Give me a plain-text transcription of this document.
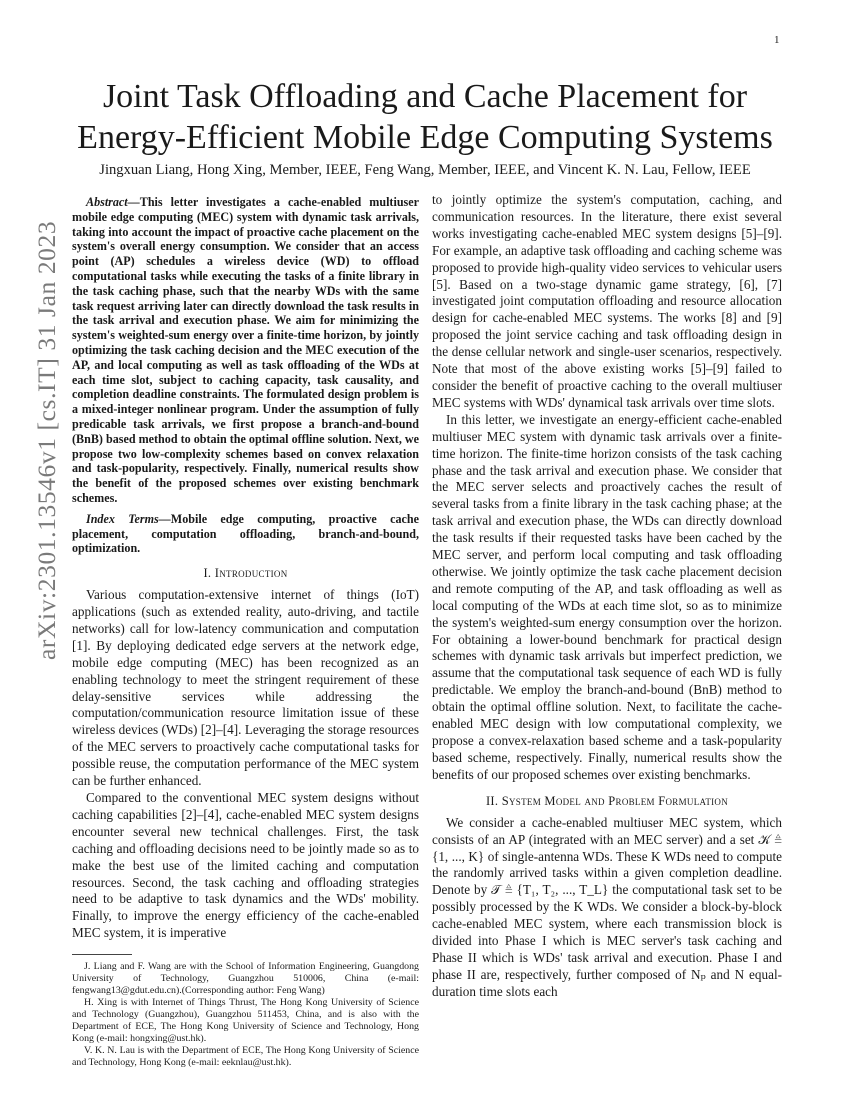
1
arXiv:2301.13546v1 [cs.IT] 31 Jan 2023
Joint Task Offloading and Cache Placement for Energy-Efficient Mobile Edge Computing Systems
Jingxuan Liang, Hong Xing, Member, IEEE, Feng Wang, Member, IEEE, and Vincent K. N. Lau, Fellow, IEEE

Abstract—This letter investigates a cache-enabled multiuser mobile edge computing (MEC) system with dynamic task arrivals, taking into account the impact of proactive cache placement on the system's overall energy consumption. We consider that an access point (AP) schedules a wireless device (WD) to offload computational tasks while executing the tasks of a finite library in the task caching phase, such that the nearby WDs with the same task request arriving later can directly download the task results in the task arrival and execution phase. We aim for minimizing the system's weighted-sum energy over a finite-time horizon, by jointly optimizing the task caching decision and the MEC execution of the AP, and local computing as well as task offloading of the WDs at each time slot, subject to caching capacity, task causality, and completion deadline constraints. The formulated design problem is a mixed-integer nonlinear program. Under the assumption of fully predicable task arrivals, we first propose a branch-and-bound (BnB) based method to obtain the optimal offline solution. Next, we propose two low-complexity schemes based on convex relaxation and task-popularity, respectively. Finally, numerical results show the benefit of the proposed schemes over existing benchmark schemes.

Index Terms—Mobile edge computing, proactive cache placement, computation offloading, branch-and-bound, optimization.

I. Introduction

Various computation-extensive internet of things (IoT) applications (such as extended reality, auto-driving, and tactile networks) call for low-latency communication and computation [1]. By deploying dedicated edge servers at the network edge, mobile edge computing (MEC) has been recognized as an enabling technology to meet the stringent requirement of these delay-sensitive services while addressing the computation/communication resource limitation issue of these wireless devices (WDs) [2]–[4]. Leveraging the storage resources of the MEC servers to proactively cache computational tasks for possible reuse, the computation performance of the MEC system can be further enhanced.

Compared to the conventional MEC system designs without caching capabilities [2]–[4], cache-enabled MEC system designs encounter several new technical challenges. First, the task caching and offloading decisions need to be jointly made so as to make the best use of the limited caching and computation resources. Second, the task caching and offloading strategies need to be adaptive to task dynamics and the WDs' mobility. Finally, to improve the energy efficiency of the cache-enabled MEC system, it is imperative

J. Liang and F. Wang are with the School of Information Engineering, Guangdong University of Technology, Guangzhou 510006, China (e-mail: fengwang13@gdut.edu.cn).(Corresponding author: Feng Wang)

H. Xing is with Internet of Things Thrust, The Hong Kong University of Science and Technology (Guangzhou), Guangzhou 511453, China, and is also with the Department of ECE, The Hong Kong University of Science and Technology, Hong Kong (e-mail: hongxing@ust.hk).

V. K. N. Lau is with the Department of ECE, The Hong Kong University of Science and Technology, Hong Kong (e-mail: eeknlau@ust.hk).

to jointly optimize the system's computation, caching, and communication resources. In the literature, there exist several works investigating cache-enabled MEC system designs [5]–[9]. For example, an adaptive task offloading and caching scheme was proposed to provide high-quality video services to vehicular users [5]. Based on a two-stage dynamic game strategy, [6], [7] investigated joint computation offloading and resource allocation design for cache-enabled MEC systems. The works [8] and [9] proposed the joint service caching and task offloading design in the dense cellular network and single-user scenarios, respectively. Note that most of the above existing works [5]–[9] failed to consider the benefit of proactive caching to the overall multiuser MEC systems with WDs' dynamical task arrivals over time slots.

In this letter, we investigate an energy-efficient cache-enabled multiuser MEC system with dynamic task arrivals over a finite-time horizon. The finite-time horizon consists of the task caching phase and the task arrival and execution phase. We consider that the MEC server selects and proactively caches the result of several tasks from a finite library in the task caching phase; at the task arrival and execution phase, the WDs can directly download the task results if their requested tasks have been cached by the MEC server, and perform local computing and task offloading otherwise. We jointly optimize the task cache placement decision and remote computing of the AP, and task offloading as well as local computing of the WDs at each time slot, so as to minimize the system's weighted-sum energy consumption over the horizon. For obtaining a lower-bound benchmark for practical design schemes with dynamic task arrivals but imperfect prediction, we assume that the computational task sequence of each WD is fully predictable. We employ the branch-and-bound (BnB) method to obtain the optimal offline solution. Next, to facilitate the cache-enabled MEC design with low computational complexity, we propose a convex-relaxation based scheme and a task-popularity based scheme, respectively. Finally, numerical results show the benefits of our proposed schemes over existing benchmarks.

II. System Model and Problem Formulation

We consider a cache-enabled multiuser MEC system, which consists of an AP (integrated with an MEC server) and a set 𝒦 ≜ {1, ..., K} of single-antenna WDs. These K WDs need to compute the randomly arrived tasks within a given completion deadline. Denote by 𝒯 ≜ {T₁, T₂, ..., T_L} the computational task set to be possibly processed by the K WDs. We consider a block-by-block cache-enabled MEC system, where each transmission block is divided into Phase I which is MEC server's task caching and Phase II which is WDs' task arrival and execution. Phase I and phase II are, respectively, further composed of Nₚ and N equal-duration time slots each
